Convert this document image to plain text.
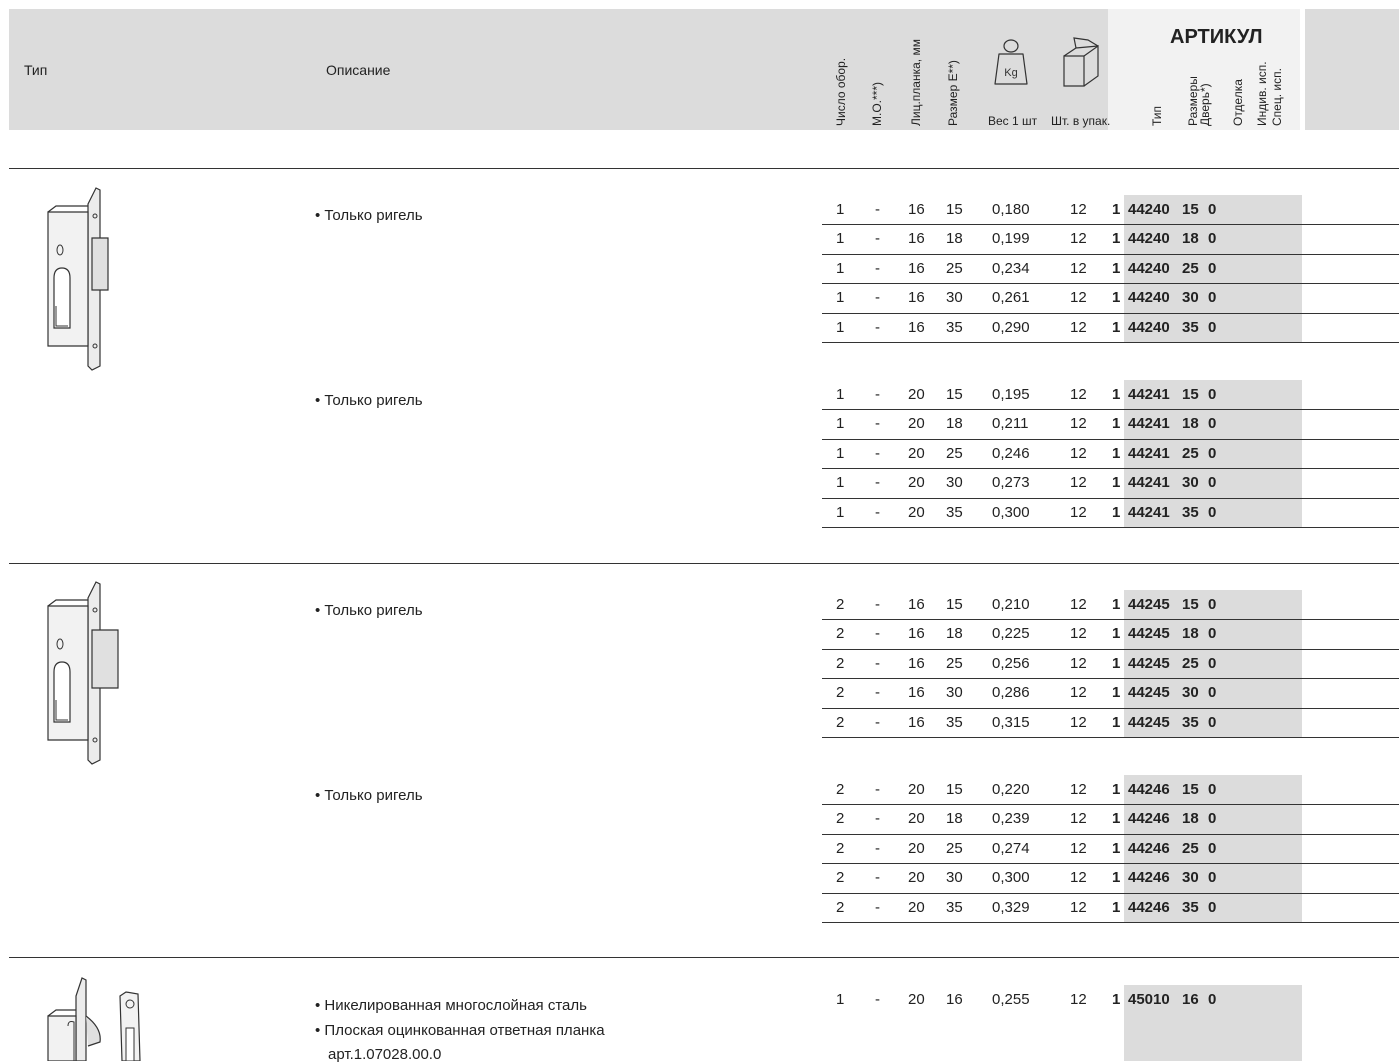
Тип	Описание	Число обор. М.О.***) Лиц.планка, мм Размер Е**)	Kg
Вес 1 шт Шт. в упак.
АРТИКУЛ
Тип Размеры
Дверь*) Отделка Индив. исп. Спец. исп.
• Только ригель	1 - 16 15 0,180	12 1 44240 15 0
1 - 16 18 0,199	12 1 44240 18 0
1 - 16 25 0,234	12 1 44240 25 0
1 - 16 30 0,261	12 1 44240 30 0
1 - 16 35 0,290	12 1 44240 35 0
• Только ригель	1 - 20 15 0,195	12 1 44241 15 0
1 - 20 18 0,211	12 1 44241 18 0
1 - 20 25 0,246	12 1 44241 25 0
1 - 20 30 0,273	12 1 44241 30 0
1 - 20 35 0,300	12 1 44241 35 0
• Только ригель	2 - 16 15 0,210	12 1 44245 15 0
2 - 16 18 0,225	12 1 44245 18 0
2 - 16 25 0,256	12 1 44245 25 0
2 - 16 30 0,286	12 1 44245 30 0
2 - 16 35 0,315	12 1 44245 35 0
• Только ригель	2 - 20 15 0,220	12 1 44246 15 0
2 - 20 18 0,239	12 1 44246 18 0
2 - 20 25 0,274	12 1 44246 25 0
2 - 20 30 0,300	12 1 44246 30 0
2 - 20 35 0,329	12 1 44246 35 0
• Никелированная многослойная сталь
• Плоская оцинкованная ответная планка
арт.1.07028.00.0
1 - 20 16 0,255	12 1 45010 16 0
